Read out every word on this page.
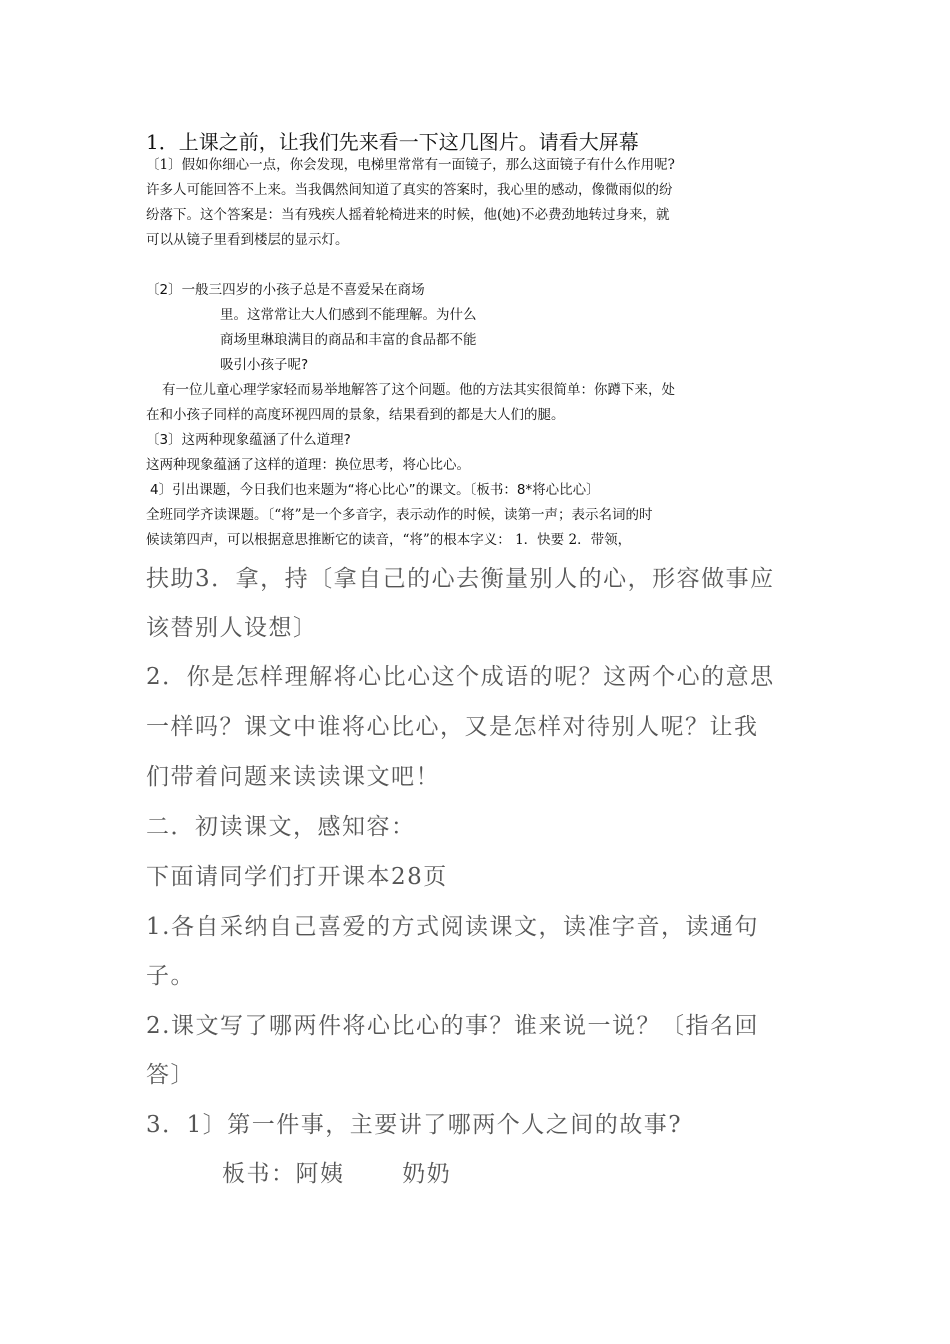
1．上课之前，让我们先来看一下这几图片。请看大屏幕
〔1〕假如你细心一点，你会发现，电梯里常常有一面镜子，那么这面镜子有什么作用呢?
许多人可能回答不上来。当我偶然间知道了真实的答案时，我心里的感动，像微雨似的纷
纷落下。这个答案是：当有残疾人摇着轮椅进来的时候，他(她)不必费劲地转过身来，就
可以从镜子里看到楼层的显示灯。
〔2〕一般三四岁的小孩子总是不喜爱呆在商场
里。这常常让大人们感到不能理解。为什么
商场里琳琅满目的商品和丰富的食品都不能
吸引小孩子呢?
有一位儿童心理学家轻而易举地解答了这个问题。他的方法其实很简单：你蹲下来，处
在和小孩子同样的高度环视四周的景象，结果看到的都是大人们的腿。
〔3〕这两种现象蕴涵了什么道理?
这两种现象蕴涵了这样的道理：换位思考，将心比心。
4〕引出课题，今日我们也来题为“将心比心”的课文。〔板书：8*将心比心〕
全班同学齐读课题。〔“将”是一个多音字，表示动作的时候，读第一声；表示名词的时
候读第四声，可以根据意思推断它的读音，“将”的根本字义： 1．快要 2．带领，
扶助3．拿，持〔拿自己的心去衡量别人的心，形容做事应
该替别人设想〕
2．你是怎样理解将心比心这个成语的呢？这两个心的意思
一样吗？课文中谁将心比心，又是怎样对待别人呢？让我
们带着问题来读读课文吧！
二．初读课文，感知容：
下面请同学们打开课本28页
1.各自采纳自己喜爱的方式阅读课文，读准字音，读通句
子。
2.课文写了哪两件将心比心的事？谁来说一说？〔指名回
答〕
3．1〕第一件事，主要讲了哪两个人之间的故事?
板书：阿姨　　 奶奶
